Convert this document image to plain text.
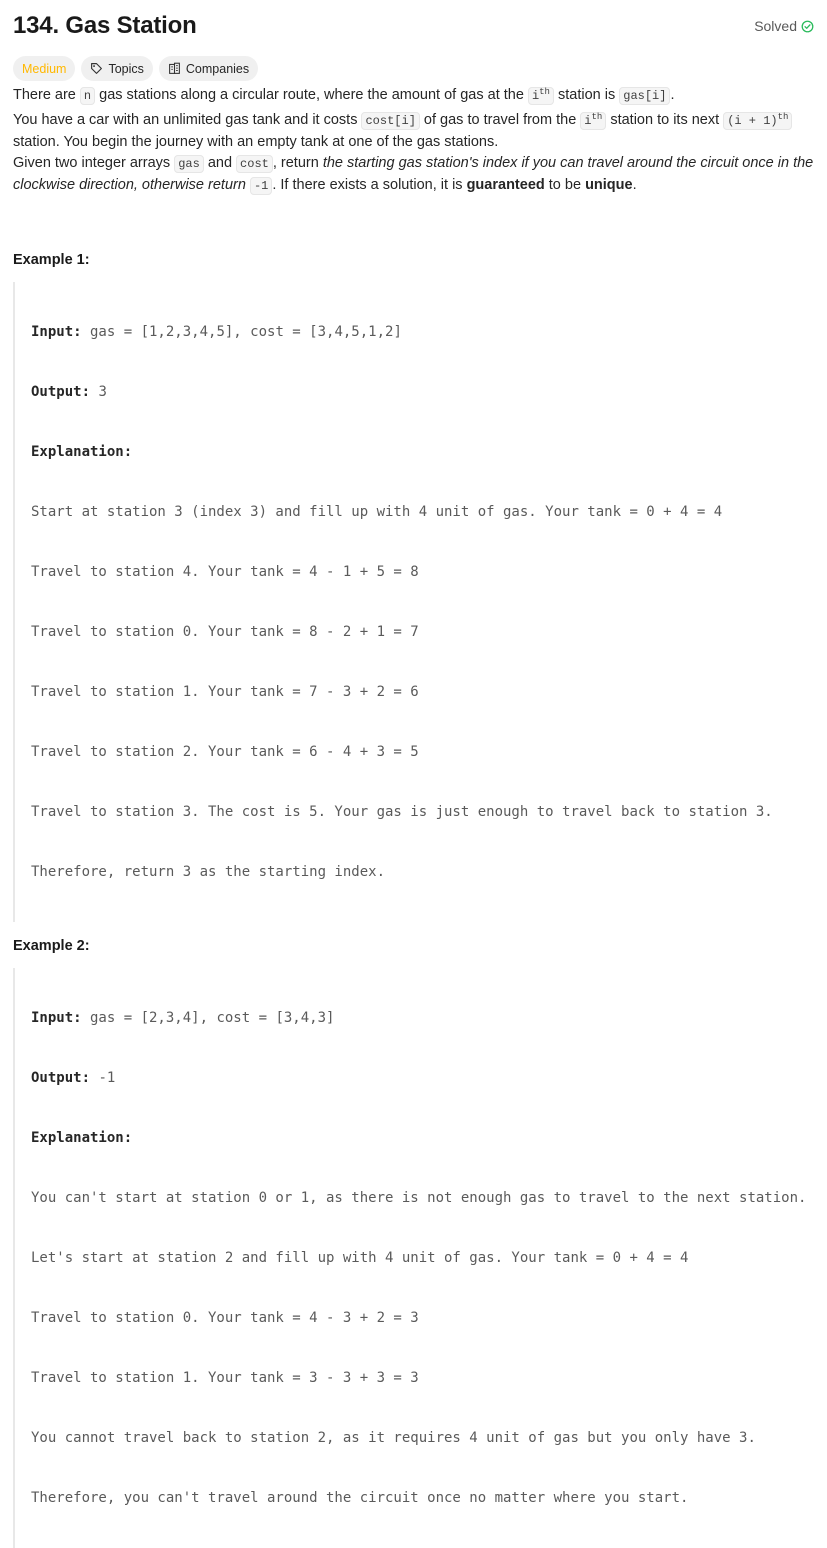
134. Gas Station	Solved
Medium	Topics	Companies

There are n gas stations along a circular route, where the amount of gas at the $i^{th}$ station is gas[i] .

You have a car with an unlimited gas tank and it costs cost[i] of gas to travel from the $i^{th}$ station to its next $(i + 1)^{th}$ station. You begin the journey with an empty tank at one of the gas stations.

Given two integer arrays gas and cost , return the starting gas station's index if you can travel around the circuit once in the clockwise direction, otherwise return -1 . If there exists a solution, it is guaranteed to be unique.

Example 1:

Input: gas = [1,2,3,4,5], cost = [3,4,5,1,2]

Output: 3

Explanation:

Start at station 3 (index 3) and fill up with 4 unit of gas. Your tank = 0 + 4 = 4

Travel to station 4. Your tank = 4 - 1 + 5 = 8

Travel to station 0. Your tank = 8 - 2 + 1 = 7

Travel to station 1. Your tank = 7 - 3 + 2 = 6

Travel to station 2. Your tank = 6 - 4 + 3 = 5

Travel to station 3. The cost is 5. Your gas is just enough to travel back to station 3.

Therefore, return 3 as the starting index.

Example 2:

Input: gas = [2,3,4], cost = [3,4,3]

Output: -1

Explanation:

You can't start at station 0 or 1, as there is not enough gas to travel to the next station.

Let's start at station 2 and fill up with 4 unit of gas. Your tank = 0 + 4 = 4

Travel to station 0. Your tank = 4 - 3 + 2 = 3

Travel to station 1. Your tank = 3 - 3 + 3 = 3

You cannot travel back to station 2, as it requires 4 unit of gas but you only have 3.

Therefore, you can't travel around the circuit once no matter where you start.
